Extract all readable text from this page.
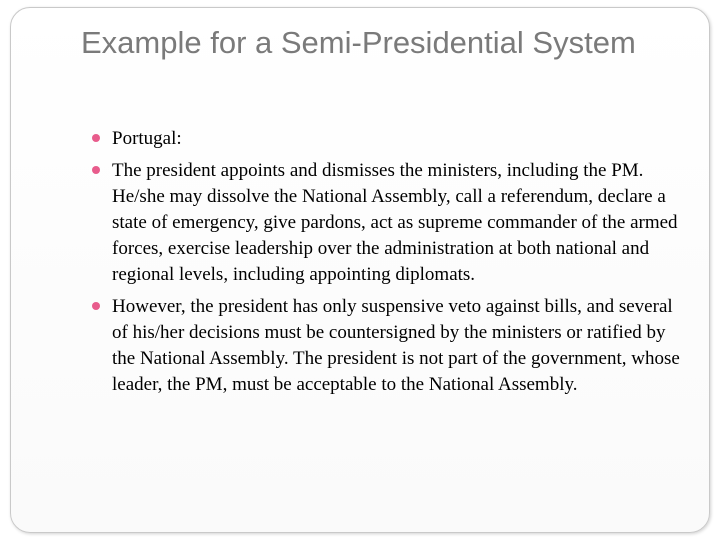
Example for a Semi-Presidential System
Portugal:
The president appoints and dismisses the ministers, including the PM. He/she may dissolve the National Assembly, call a referendum, declare a state of emergency, give pardons, act as supreme commander of the armed forces, exercise leadership over the administration at both national and regional levels, including appointing diplomats.
However, the president has only suspensive veto against bills, and several of his/her decisions must be countersigned by the ministers or ratified by the National Assembly. The president is not part of the government, whose leader, the PM, must be acceptable to the National Assembly.
